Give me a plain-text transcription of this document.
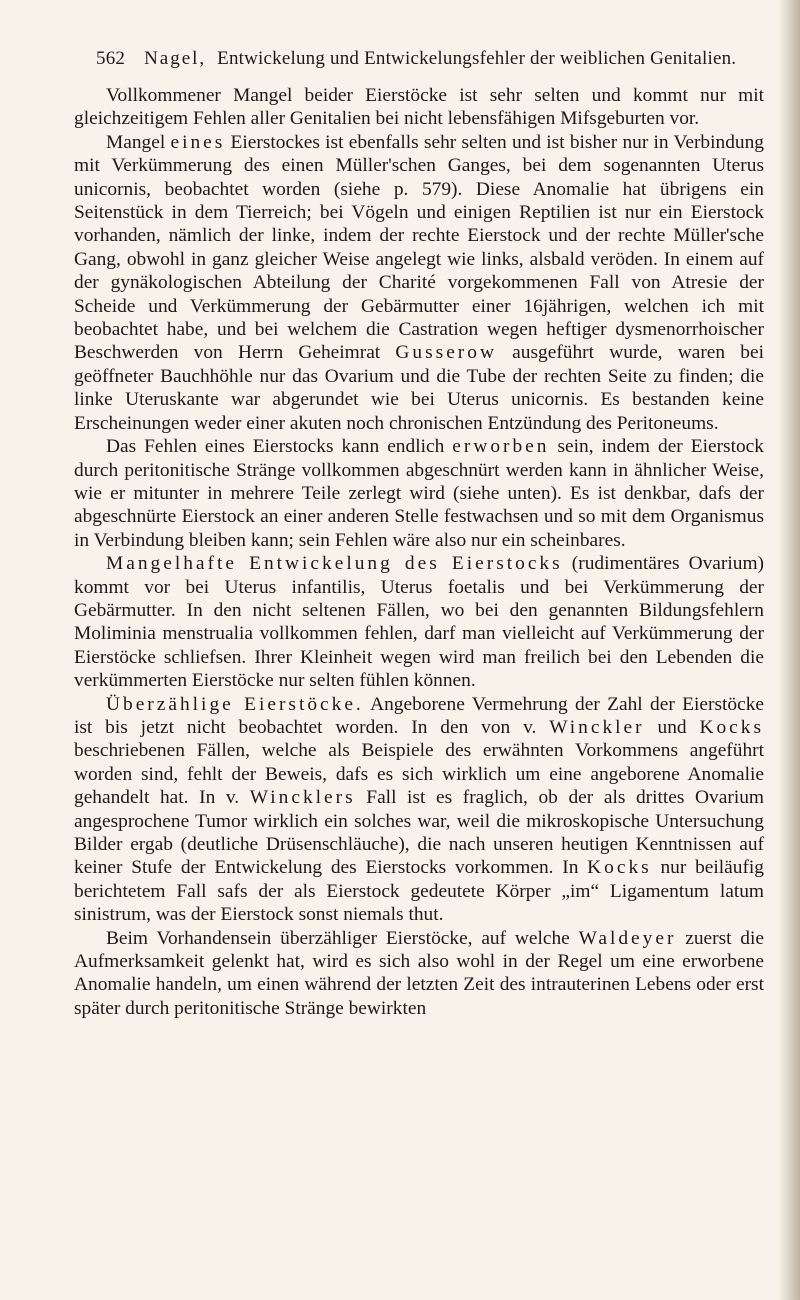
562 Nagel, Entwickelung und Entwickelungsfehler der weiblichen Genitalien.

Vollkommener Mangel beider Eierstöcke ist sehr selten und kommt nur mit gleichzeitigem Fehlen aller Genitalien bei nicht lebensfähigen Mifsgeburten vor.

Mangel eines Eierstockes ist ebenfalls sehr selten und ist bisher nur in Verbindung mit Verkümmerung des einen Müller'schen Ganges, bei dem sogenannten Uterus unicornis, beobachtet worden (siehe p. 579). Diese Anomalie hat übrigens ein Seitenstück in dem Tierreich; bei Vögeln und einigen Reptilien ist nur ein Eierstock vorhanden, nämlich der linke, indem der rechte Eierstock und der rechte Müller'sche Gang, obwohl in ganz gleicher Weise angelegt wie links, alsbald veröden. In einem auf der gynäkologischen Abteilung der Charité vorgekommenen Fall von Atresie der Scheide und Verkümmerung der Gebärmutter einer 16jährigen, welchen ich mit beobachtet habe, und bei welchem die Castration wegen heftiger dysmenorrhoischer Beschwerden von Herrn Geheimrat Gusserow ausgeführt wurde, waren bei geöffneter Bauchhöhle nur das Ovarium und die Tube der rechten Seite zu finden; die linke Uteruskante war abgerundet wie bei Uterus unicornis. Es bestanden keine Erscheinungen weder einer akuten noch chronischen Entzündung des Peritoneums.

Das Fehlen eines Eierstocks kann endlich erworben sein, indem der Eierstock durch peritonitische Stränge vollkommen abgeschnürt werden kann in ähnlicher Weise, wie er mitunter in mehrere Teile zerlegt wird (siehe unten). Es ist denkbar, dafs der abgeschnürte Eierstock an einer anderen Stelle festwachsen und so mit dem Organismus in Verbindung bleiben kann; sein Fehlen wäre also nur ein scheinbares.

Mangelhafte Entwickelung des Eierstocks (rudimentäres Ovarium) kommt vor bei Uterus infantilis, Uterus foetalis und bei Verkümmerung der Gebärmutter. In den nicht seltenen Fällen, wo bei den genannten Bildungsfehlern Moliminia menstrualia vollkommen fehlen, darf man vielleicht auf Verkümmerung der Eierstöcke schliefsen. Ihrer Kleinheit wegen wird man freilich bei den Lebenden die verkümmerten Eierstöcke nur selten fühlen können.

Überzählige Eierstöcke. Angeborene Vermehrung der Zahl der Eierstöcke ist bis jetzt nicht beobachtet worden. In den von v. Winckler und Kocks beschriebenen Fällen, welche als Beispiele des erwähnten Vorkommens angeführt worden sind, fehlt der Beweis, dafs es sich wirklich um eine angeborene Anomalie gehandelt hat. In v. Wincklers Fall ist es fraglich, ob der als drittes Ovarium angesprochene Tumor wirklich ein solches war, weil die mikroskopische Untersuchung Bilder ergab (deutliche Drüsenschläuche), die nach unseren heutigen Kenntnissen auf keiner Stufe der Entwickelung des Eierstocks vorkommen. In Kocks nur beiläufig berichtetem Fall safs der als Eierstock gedeutete Körper „im“ Ligamentum latum sinistrum, was der Eierstock sonst niemals thut.

Beim Vorhandensein überzähliger Eierstöcke, auf welche Waldeyer zuerst die Aufmerksamkeit gelenkt hat, wird es sich also wohl in der Regel um eine erworbene Anomalie handeln, um einen während der letzten Zeit des intrauterinen Lebens oder erst später durch peritonitische Stränge bewirkten
